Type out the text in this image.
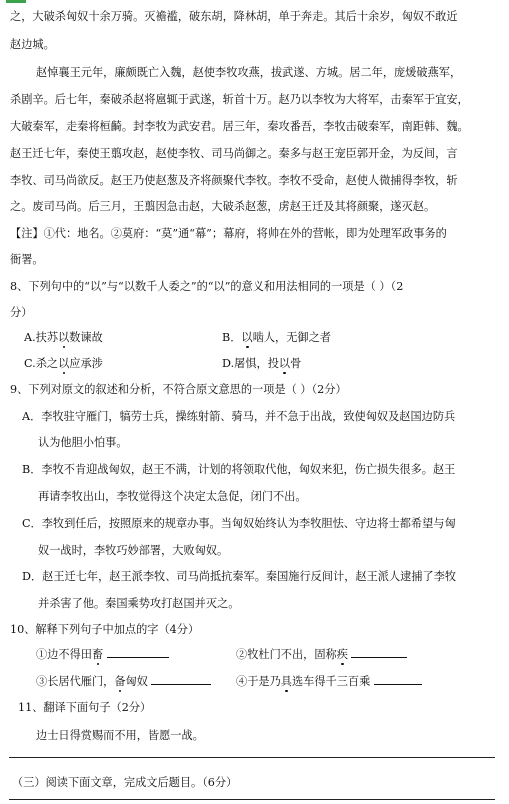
之，大破杀匈奴十余万骑。灭襜褴，破东胡，降林胡，单于奔走。其后十余岁，匈奴不敢近
赵边城。
赵悼襄王元年，廉颇既亡入魏，赵使李牧攻燕，拔武遂、方城。居二年，庞煖破燕军，
杀剧辛。后七年，秦破杀赵将扈辄于武遂，斩首十万。赵乃以李牧为大将军，击秦军于宜安，
大破秦军，走秦将桓齮。封李牧为武安君。居三年，秦攻番吾，李牧击破秦军，南距韩、魏。
赵王迁七年，秦使王翦攻赵，赵使李牧、司马尚御之。秦多与赵王宠臣郭开金，为反间，言
李牧、司马尚欲反。赵王乃使赵葱及齐将颜聚代李牧。李牧不受命，赵使人微捕得李牧，斩
之。废司马尚。后三月，王翦因急击赵，大破杀赵葱，虏赵王迁及其将颜聚，遂灭赵。
【注】①代：地名。②莫府：“莫”通“幕”；幕府，将帅在外的营帐，即为处理军政事务的
衙署。
8、下列句中的“以”与“以数千人委之”的“以”的意义和用法相同的一项是（ ）（2
分）
A.扶苏以数谏故	B．以啮人，无御之者
C.杀之以应承涉	D.屠惧，投以骨
9、下列对原文的叙述和分析，不符合原文意思的一项是（ ）（2分）
A．李牧驻守雁门，犒劳士兵，操练射箭、骑马，并不急于出战，致使匈奴及赵国边防兵
认为他胆小怕事。
B．李牧不肯迎战匈奴，赵王不满，计划的将领取代他，匈奴来犯，伤亡损失很多。赵王
再请李牧出山，李牧觉得这个决定太急促，闭门不出。
C．李牧到任后，按照原来的规章办事。当匈奴始终认为李牧胆怯、守边将士都希望与匈
奴一战时，李牧巧妙部署，大败匈奴。
D．赵王迁七年，赵王派李牧、司马尚抵抗秦军。秦国施行反间计，赵王派人逮捕了李牧
并杀害了他。秦国乘势攻打赵国并灭之。
10、解释下列句子中加点的字（4分）
①边不得田畜	②牧杜门不出，固称疾
③长居代雁门，备匈奴	④于是乃具选车得千三百乘
11、翻译下面句子（2分）
边士日得赏赐而不用，皆愿一战。
（三）阅读下面文章，完成文后题目。（6分）
